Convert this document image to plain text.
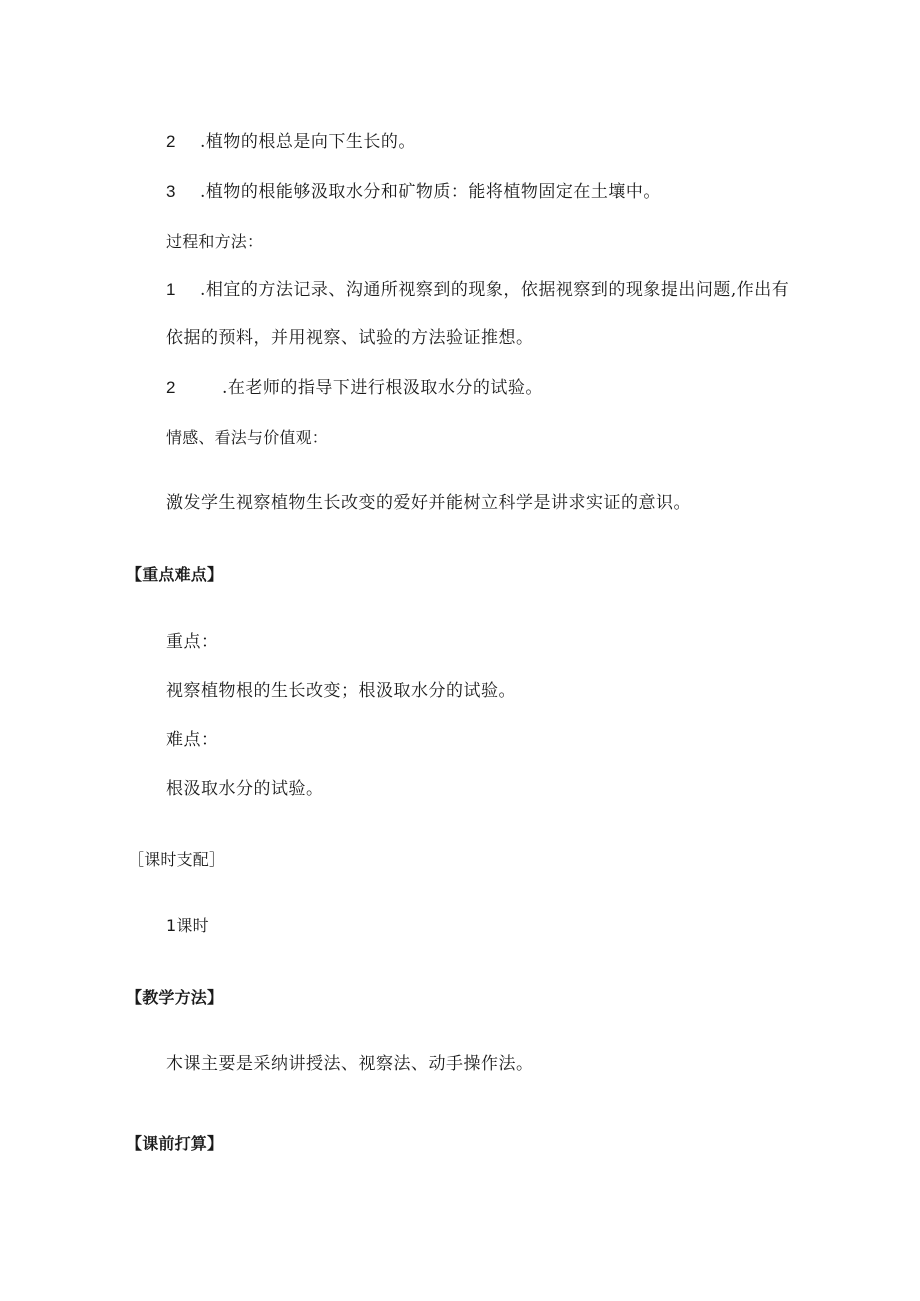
2 .植物的根总是向下生长的。
3 .植物的根能够汲取水分和矿物质：能将植物固定在土壤中。
过程和方法：
1 .相宜的方法记录、沟通所视察到的现象，依据视察到的现象提出问题,作出有
依据的预料，并用视察、试验的方法验证推想。
2	.在老师的指导下进行根汲取水分的试验。
情感、看法与价值观：
激发学生视察植物生长改变的爱好并能树立科学是讲求实证的意识。
【重点难点】
重点：
视察植物根的生长改变；根汲取水分的试验。
难点：
根汲取水分的试验。
［课时支配］
1课时
【教学方法】
木课主要是采纳讲授法、视察法、动手操作法。
【课前打算】
